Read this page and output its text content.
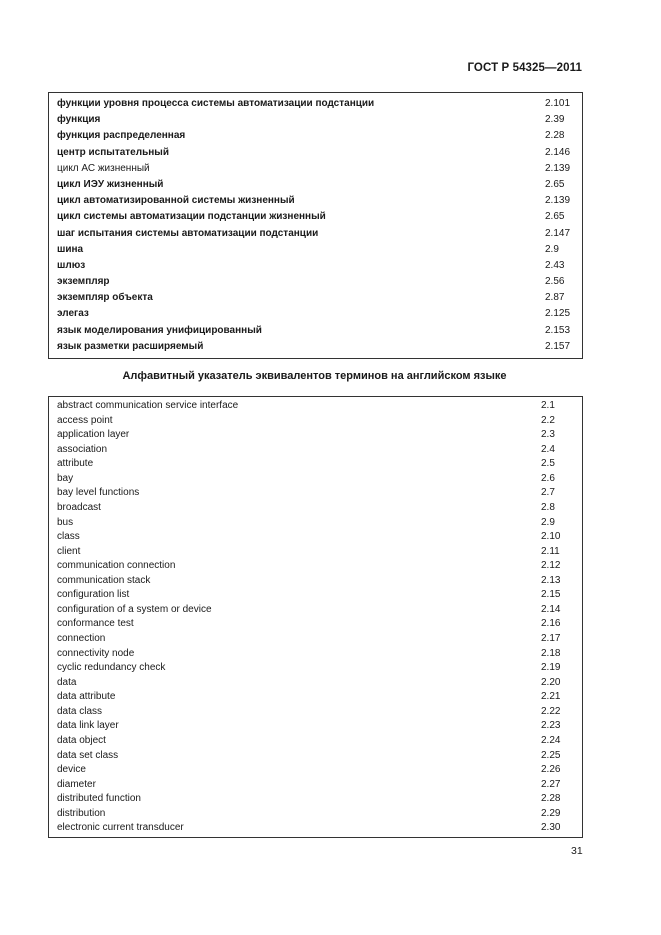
ГОСТ Р 54325—2011
функции уровня процесса системы автоматизации подстанции	2.101
функция	2.39
функция распределенная	2.28
центр испытательный	2.146
цикл АС жизненный	2.139
цикл ИЭУ жизненный	2.65
цикл автоматизированной системы жизненный	2.139
цикл системы автоматизации подстанции жизненный	2.65
шаг испытания системы автоматизации подстанции	2.147
шина	2.9
шлюз	2.43
экземпляр	2.56
экземпляр объекта	2.87
элегаз	2.125
язык моделирования унифицированный	2.153
язык разметки расширяемый	2.157
Алфавитный указатель эквивалентов терминов на английском языке
abstract communication service interface	2.1
access point	2.2
application layer	2.3
association	2.4
attribute	2.5
bay	2.6
bay level functions	2.7
broadcast	2.8
bus	2.9
class	2.10
client	2.11
communication connection	2.12
communication stack	2.13
configuration list	2.15
configuration of a system or device	2.14
conformance test	2.16
connection	2.17
connectivity node	2.18
cyclic redundancy check	2.19
data	2.20
data attribute	2.21
data class	2.22
data link layer	2.23
data object	2.24
data set class	2.25
device	2.26
diameter	2.27
distributed function	2.28
distribution	2.29
electronic current transducer	2.30
31
